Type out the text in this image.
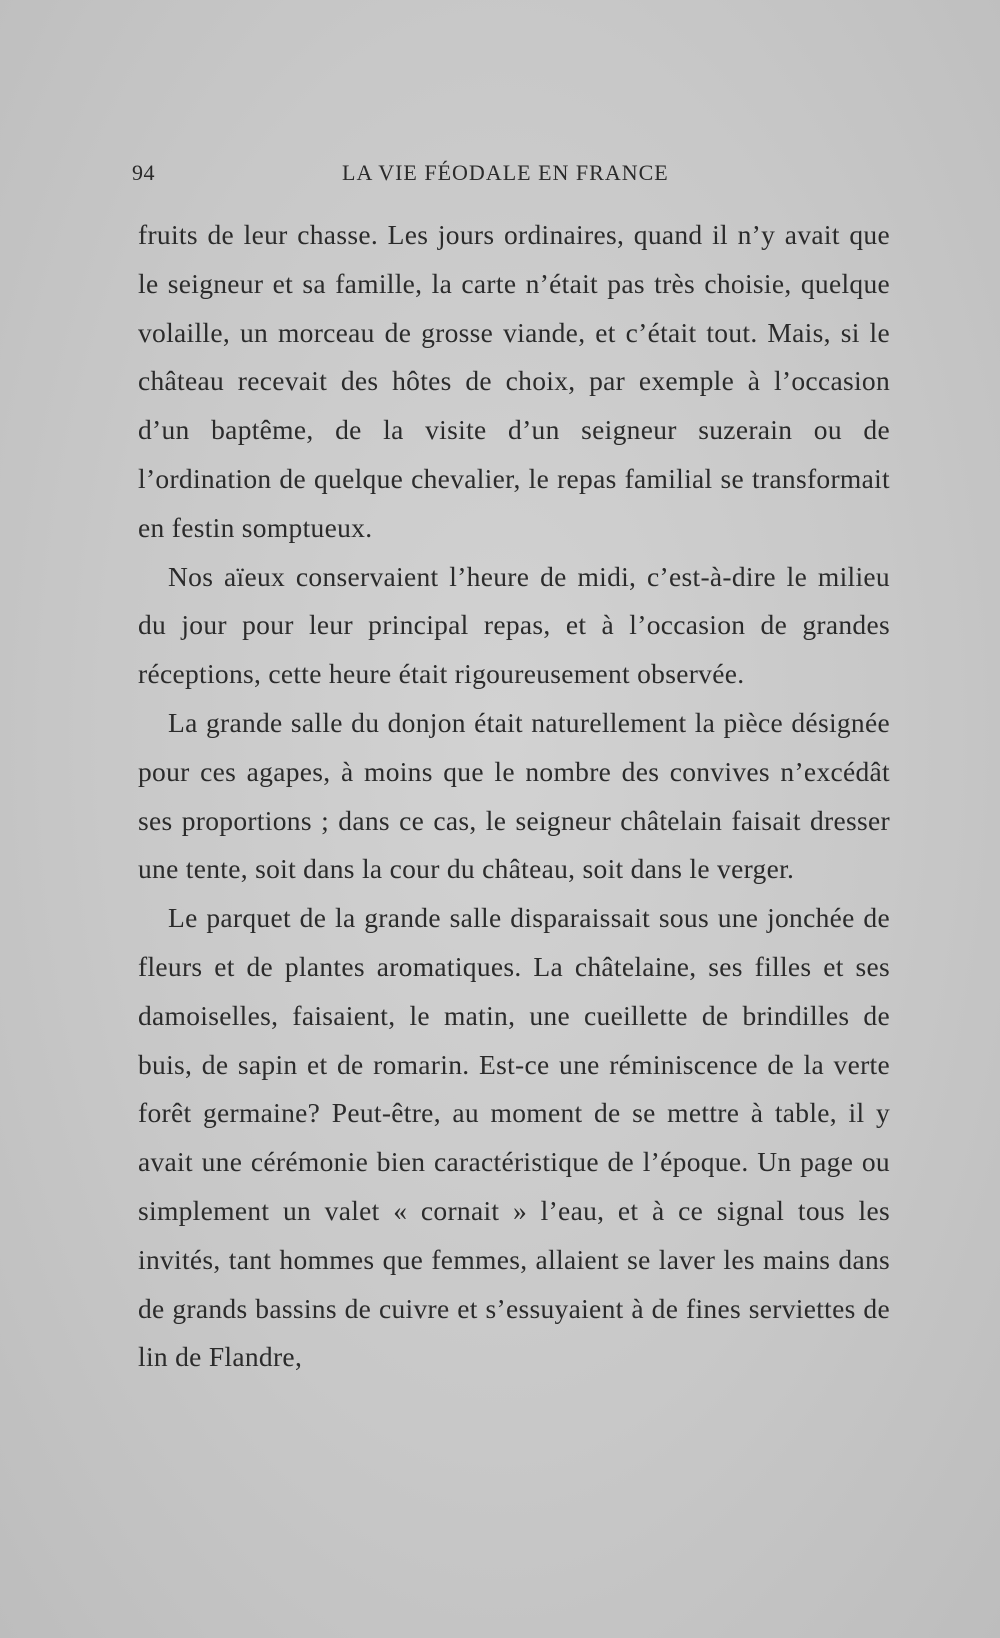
94	LA VIE FÉODALE EN FRANCE

fruits de leur chasse. Les jours ordinaires, quand il n’y avait que le seigneur et sa famille, la carte n’était pas très choisie, quelque volaille, un morceau de grosse viande, et c’était tout. Mais, si le château recevait des hôtes de choix, par exemple à l’occasion d’un baptême, de la visite d’un seigneur suzerain ou de l’ordination de quelque chevalier, le repas familial se transformait en festin somptueux.

Nos aïeux conservaient l’heure de midi, c’est-à-dire le milieu du jour pour leur principal repas, et à l’occasion de grandes réceptions, cette heure était rigoureusement observée.

La grande salle du donjon était naturellement la pièce désignée pour ces agapes, à moins que le nombre des convives n’excédât ses proportions ; dans ce cas, le seigneur châtelain faisait dresser une tente, soit dans la cour du château, soit dans le verger.

Le parquet de la grande salle disparaissait sous une jonchée de fleurs et de plantes aromatiques. La châtelaine, ses filles et ses damoiselles, faisaient, le matin, une cueillette de brindilles de buis, de sapin et de romarin. Est-ce une réminiscence de la verte forêt germaine? Peut-être, au moment de se mettre à table, il y avait une cérémonie bien caractéristique de l’époque. Un page ou simplement un valet « cornait » l’eau, et à ce signal tous les invités, tant hommes que femmes, allaient se laver les mains dans de grands bassins de cuivre et s’essuyaient à de fines serviettes de lin de Flandre,
